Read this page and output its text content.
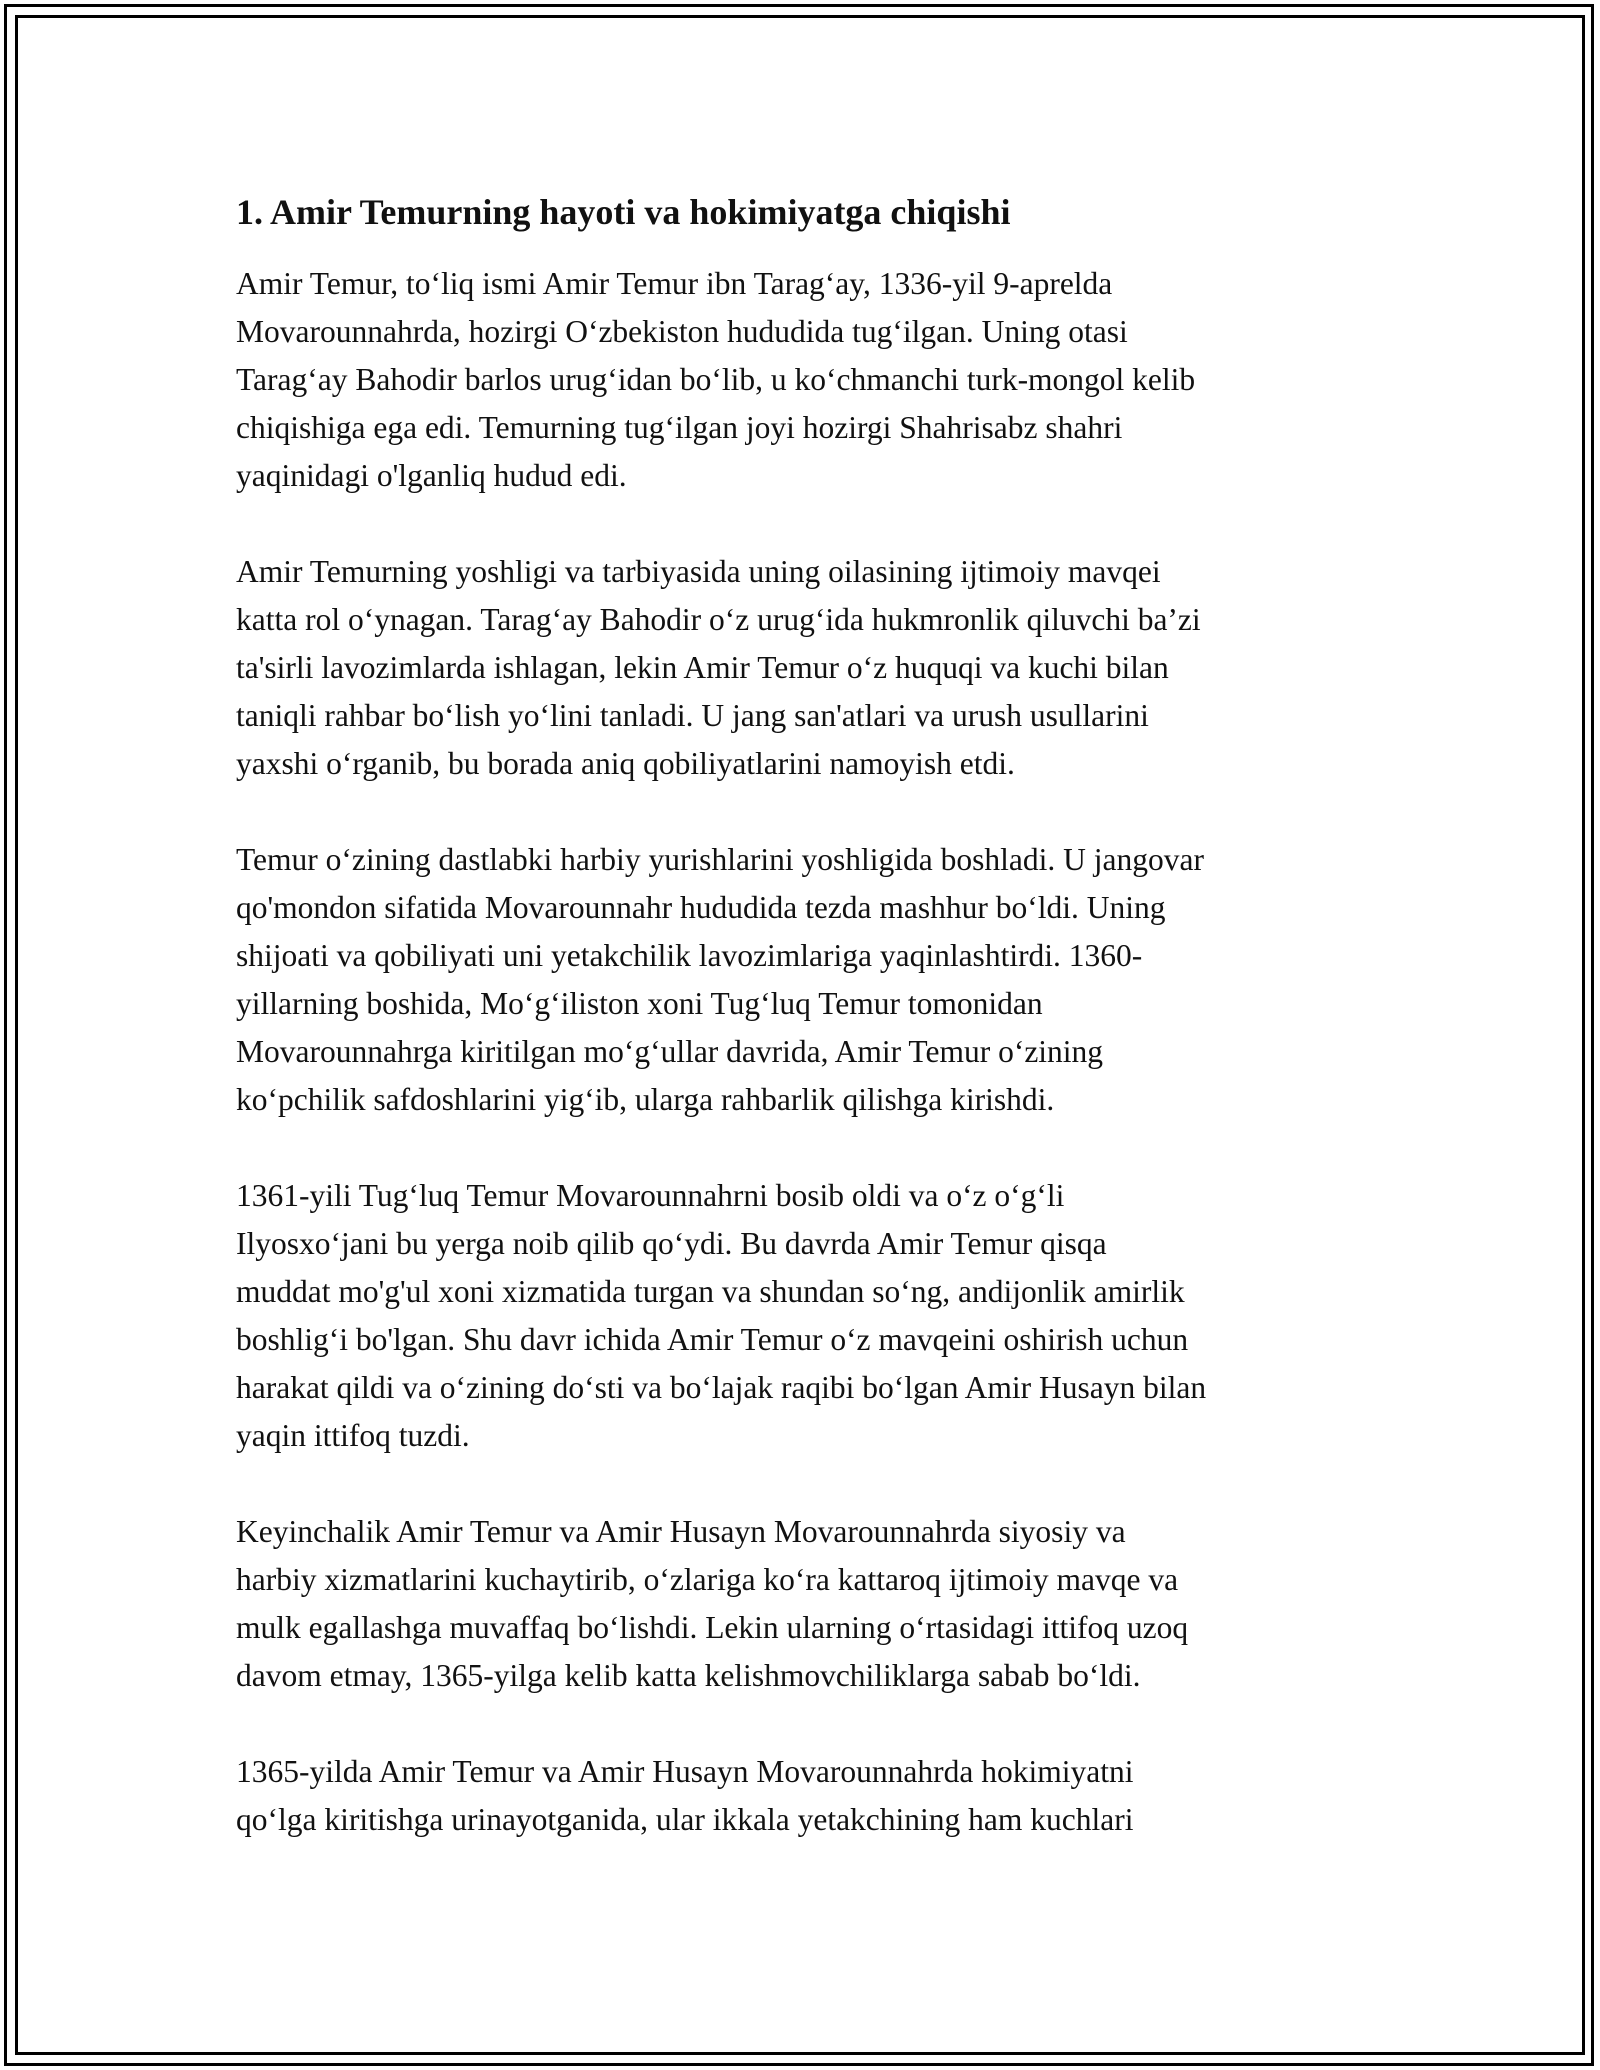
1. Amir Temurning hayoti va hokimiyatga chiqishi

Amir Temur, to‘liq ismi Amir Temur ibn Tarag‘ay, 1336-yil 9-aprelda
Movarounnahrda, hozirgi O‘zbekiston hududida tug‘ilgan. Uning otasi
Tarag‘ay Bahodir barlos urug‘idan bo‘lib, u ko‘chmanchi turk-mongol kelib
chiqishiga ega edi. Temurning tug‘ilgan joyi hozirgi Shahrisabz shahri
yaqinidagi o'lganliq hudud edi.

Amir Temurning yoshligi va tarbiyasida uning oilasining ijtimoiy mavqei
katta rol o‘ynagan. Tarag‘ay Bahodir o‘z urug‘ida hukmronlik qiluvchi ba’zi
ta'sirli lavozimlarda ishlagan, lekin Amir Temur o‘z huquqi va kuchi bilan
taniqli rahbar bo‘lish yo‘lini tanladi. U jang san'atlari va urush usullarini
yaxshi o‘rganib, bu borada aniq qobiliyatlarini namoyish etdi.

Temur o‘zining dastlabki harbiy yurishlarini yoshligida boshladi. U jangovar
qo'mondon sifatida Movarounnahr hududida tezda mashhur bo‘ldi. Uning
shijoati va qobiliyati uni yetakchilik lavozimlariga yaqinlashtirdi. 1360-
yillarning boshida, Mo‘g‘iliston xoni Tug‘luq Temur tomonidan
Movarounnahrga kiritilgan mo‘g‘ullar davrida, Amir Temur o‘zining
ko‘pchilik safdoshlarini yig‘ib, ularga rahbarlik qilishga kirishdi.

1361-yili Tug‘luq Temur Movarounnahrni bosib oldi va o‘z o‘g‘li
Ilyosxo‘jani bu yerga noib qilib qo‘ydi. Bu davrda Amir Temur qisqa
muddat mo'g'ul xoni xizmatida turgan va shundan so‘ng, andijonlik amirlik
boshlig‘i bo'lgan. Shu davr ichida Amir Temur o‘z mavqeini oshirish uchun
harakat qildi va o‘zining do‘sti va bo‘lajak raqibi bo‘lgan Amir Husayn bilan
yaqin ittifoq tuzdi.

Keyinchalik Amir Temur va Amir Husayn Movarounnahrda siyosiy va
harbiy xizmatlarini kuchaytirib, o‘zlariga ko‘ra kattaroq ijtimoiy mavqe va
mulk egallashga muvaffaq bo‘lishdi. Lekin ularning o‘rtasidagi ittifoq uzoq
davom etmay, 1365-yilga kelib katta kelishmovchiliklarga sabab bo‘ldi.

1365-yilda Amir Temur va Amir Husayn Movarounnahrda hokimiyatni
qo‘lga kiritishga urinayotganida, ular ikkala yetakchining ham kuchlari
